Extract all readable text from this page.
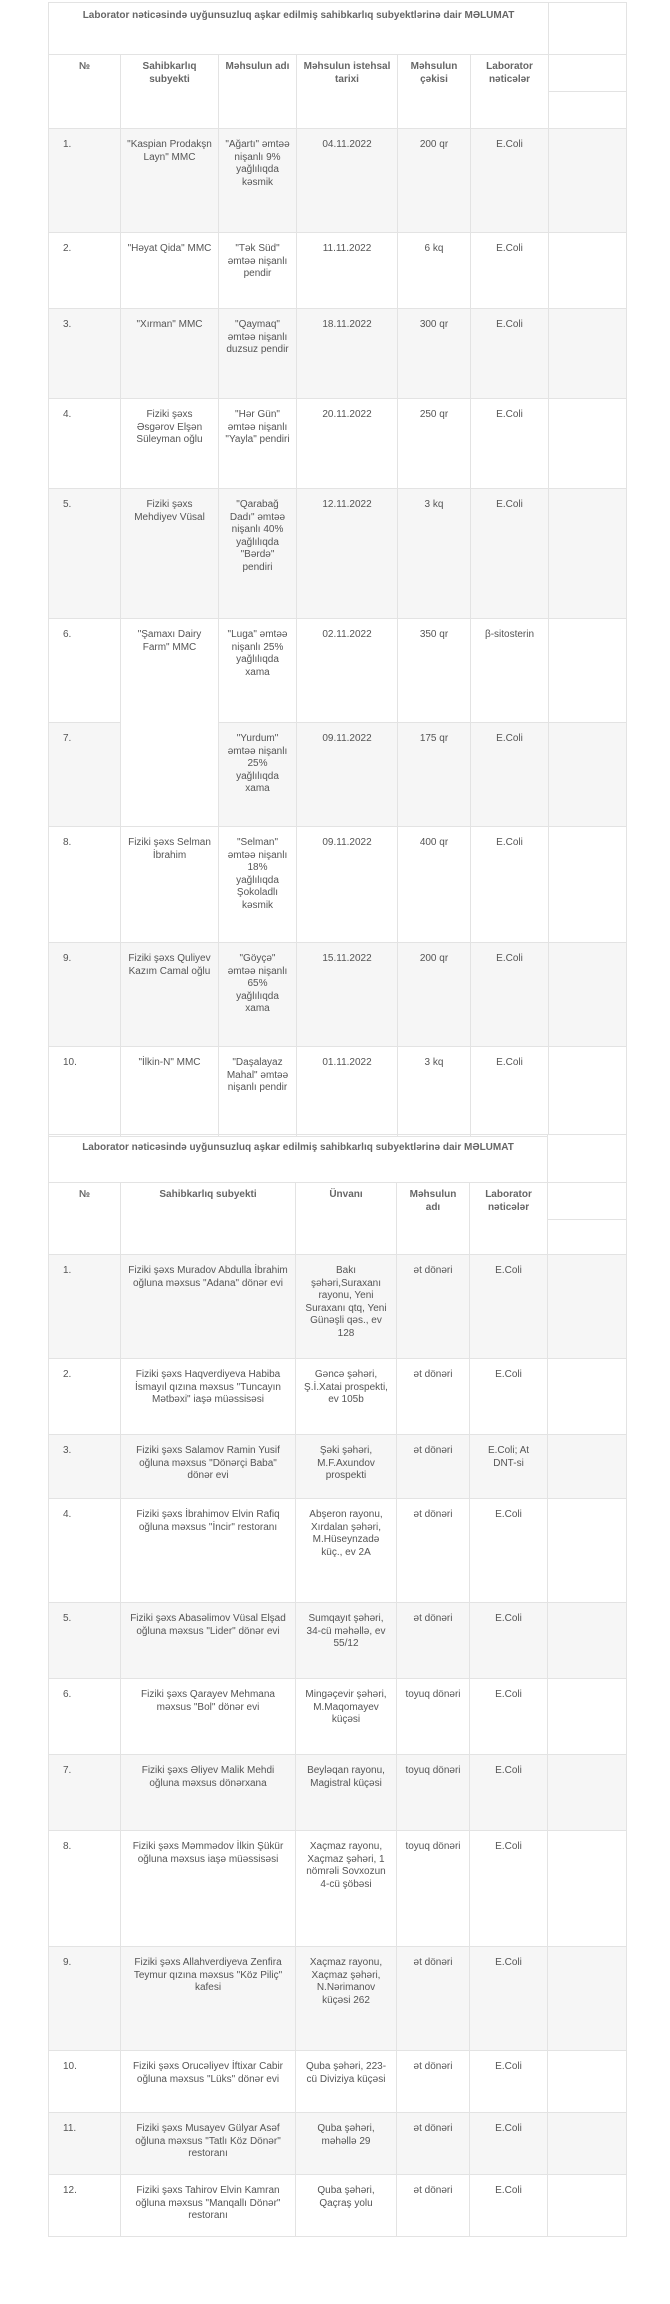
Laborator nəticəsində uyğunsuzluq aşkar edilmiş sahibkarlıq subyektlərinə dair MƏLUMAT						
№	Sahibkarlıq subyekti	Məhsulun adı	Məhsulun istehsal tarixi	Məhsulun çəkisi	Laborator nəticələr	

1.	"Kaspian Prodakşn Layn" MMC	"Ağartı" əmtəə nişanlı 9% yağlılıqda kəsmik	04.11.2022	200 qr	E.Coli	
2.	"Həyat Qida" MMC	"Tək Süd" əmtəə nişanlı pendir	11.11.2022	6 kq	E.Coli	
3.	"Xırman" MMC	"Qaymaq" əmtəə nişanlı duzsuz pendir	18.11.2022	300 qr	E.Coli	
4.	Fiziki şəxs Əsgərov Elşən Süleyman oğlu	"Hər Gün" əmtəə nişanlı "Yayla" pendiri	20.11.2022	250 qr	E.Coli	
5.	Fiziki şəxs Mehdiyev Vüsal	"Qarabağ Dadı" əmtəə nişanlı 40% yağlılıqda "Bərdə" pendiri	12.11.2022	3 kq	E.Coli	
6.	"Şamaxı Dairy Farm" MMC	"Luga" əmtəə nişanlı 25% yağlılıqda xama	02.11.2022	350 qr	β-sitosterin	
7.		"Yurdum" əmtəə nişanlı 25% yağlılıqda xama	09.11.2022	175 qr	E.Coli	
8.	Fiziki şəxs Selman İbrahim	"Selman" əmtəə nişanlı 18% yağlılıqda Şokoladlı kəsmik	09.11.2022	400 qr	E.Coli	
9.	Fiziki şəxs Quliyev Kazım Camal oğlu	"Göyçə" əmtəə nişanlı 65% yağlılıqda xama	15.11.2022	200 qr	E.Coli	
10.	"İlkin-N" MMC	"Daşalayaz Mahal" əmtəə nişanlı pendir	01.11.2022	3 kq	E.Coli	
Laborator nəticəsində uyğunsuzluq aşkar edilmiş sahibkarlıq subyektlərinə dair MƏLUMAT					
№	Sahibkarlıq subyekti	Ünvanı	Məhsulun adı	Laborator nəticələr	

1.	Fiziki şəxs Muradov Abdulla İbrahim oğluna məxsus "Adana" dönər evi	Bakı şəhəri,Suraxanı rayonu, Yeni Suraxanı qtq, Yeni Günəşli qəs., ev 128	ət dönəri	E.Coli	
2.	Fiziki şəxs Haqverdiyeva Habiba İsmayıl qızına məxsus "Tuncayın Mətbəxi" iaşə müəssisəsi	Gəncə şəhəri, Ş.İ.Xatai prospekti, ev 105b	ət dönəri	E.Coli	
3.	Fiziki şəxs Salamov Ramin Yusif oğluna məxsus "Dönərçi Baba" dönər evi	Şəki şəhəri, M.F.Axundov prospekti	ət dönəri	E.Coli; At DNT-si	
4.	Fiziki şəxs İbrahimov Elvin Rafiq oğluna məxsus "İncir" restoranı	Abşeron rayonu, Xırdalan şəhəri, M.Hüseynzadə küç., ev 2A	ət dönəri	E.Coli	
5.	Fiziki şəxs Abasəlimov Vüsal Elşad oğluna məxsus "Lider" dönər evi	Sumqayıt şəhəri, 34-cü məhəllə, ev 55/12	ət dönəri	E.Coli	
6.	Fiziki şəxs Qarayev Mehmana məxsus "Bol" dönər evi	Mingəçevir şəhəri, M.Maqomayev küçəsi	toyuq dönəri	E.Coli	
7.	Fiziki şəxs Əliyev Malik Mehdi oğluna məxsus dönərxana	Beyləqan rayonu, Magistral küçəsi	toyuq dönəri	E.Coli	
8.	Fiziki şəxs Məmmədov İlkin Şükür oğluna məxsus iaşə müəssisəsi	Xaçmaz rayonu, Xaçmaz şəhəri, 1 nömrəli Sovxozun 4-cü şöbəsi	toyuq dönəri	E.Coli	
9.	Fiziki şəxs Allahverdiyeva Zenfira Teymur qızına məxsus "Köz Piliç" kafesi	Xaçmaz rayonu, Xaçmaz şəhəri, N.Nərimanov küçəsi 262	ət dönəri	E.Coli	
10.	Fiziki şəxs Orucəliyev İftixar Cabir oğluna məxsus "Lüks" dönər evi	Quba şəhəri, 223-cü Diviziya küçəsi	ət dönəri	E.Coli	
11.	Fiziki şəxs Musayev Gülyar Asəf oğluna məxsus "Tatlı Köz Dönər" restoranı	Quba şəhəri, məhəllə 29	ət dönəri	E.Coli	
12.	Fiziki şəxs Tahirov Elvin Kamran oğluna məxsus "Manqallı Dönər" restoranı	Quba şəhəri, Qaçraş yolu	ət dönəri	E.Coli	
